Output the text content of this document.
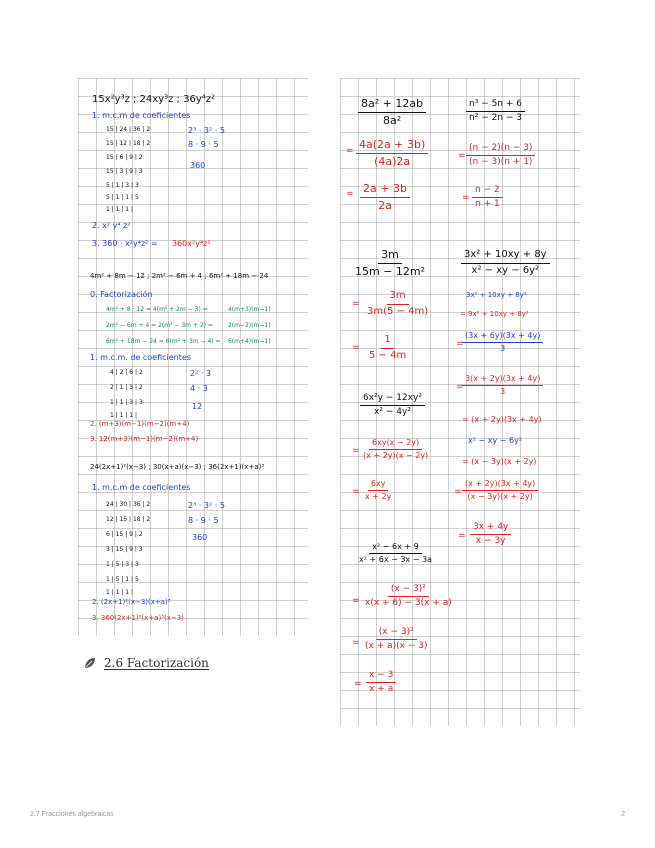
15x²y³z ; 24xy³z ; 36y⁴z²
1. m.c.m de coeficientes
15 | 24 | 36 | 2
15 | 12 | 18 | 2
15 | 6 | 9 | 2
15 | 3 | 9 | 3
5 | 1 | 3 | 3
5 | 1 | 1 | 5
1 | 1 | 1 |
2³ · 3² · 5
8 · 9 · 5
360
2. x² y⁴ z²
3. 360 · x²y⁴z² = 360x²y⁴z²
4m² + 8m − 12 ; 2m² − 6m + 4 ; 6m² + 18m − 24
0. Factorización
4m² + 8 · 12 = 4(m² + 2m − 3) =	4(m+3)(m−1)
2m² − 6m + 4 = 2(m² − 3m + 2) =	2(m−2)(m−1)
6m² + 18m − 24 = 6(m² + 3m − 4) = 6(m+4)(m−1)
1. m.c.m. de coeficientes
4 | 2 | 6 | 2
2 | 1 | 3 | 2
1 | 1 | 3 | 3
1 | 1 | 1 |
2² · 3
4 · 3
12
2. (m+3)(m−1)(m−2)(m+4)
3. 12(m+3)(m−1)(m−2)(m+4)
24(2x+1)²(x−3) ; 30(x+a)(x−3) ; 36(2x+1)(x+a)³
1. m.c.m de coeficientes
24 | 30 | 36 | 2
12 | 15 | 18 | 2
6 | 15 | 9 | 2
3 | 15 | 9 | 3
1 | 5 | 3 | 3
1 | 5 | 1 | 5
1 | 1 | 1 |
2³ · 3² · 5
8 · 9 · 5
360
2. (2x+1)²(x−3)(x+a)³
3. 360(2x+1)²(x+a)³(x−3)
$\frac{\text{8a² + 12ab}}{\text{8a²}}$
= $\frac{4a(2a + 3b)}{(4a)2a}$
= $\frac{2a + 3b}{2a}$
$\frac{\text{n³ − 5n + 6}}{\text{n² − 2n − 3}}$
= $\frac{(n - 2)(n - 3)}{(n - 3)(n + 1)}$
= $\frac{n - 2}{n + 1}$
$\frac{3m}{\text{15m − 12m²}}$
= $\frac{3m}{3m(5 - 4m)}$
= $\frac{1}{5 - 4m}$
$\frac{\text{3x² + 10xy + 8y}}{\text{x² − xy − 6y²}}$
3x² + 10xy + 8y²
= 9x² + 10xy + 8y²
=
$\frac{(3x + 6y)(3x + 4y)}{3}$
=
$\frac{3(x + 2y)(3x + 4y)}{3}$
= (x + 2y)(3x + 4y)
x² − xy − 6y²
= (x − 3y)(x + 2y)
= $\frac{(x + 2y)(3x + 4y)}{(x - 3y)(x + 2y)}$
= $\frac{3x + 4y}{x - 3y}$
$\frac{\text{6x²y − 12xy²}}{\text{x² − 4y²}}$
= $\frac{6xy(x - 2y)}{(x + 2y)(x - 2y)}$
= $\frac{6xy}{x + 2y}$
$\frac{\text{x² − 6x + 9}}{\text{x² + 6x − 3x − 3a}}$
= $\frac{\text{(x − 3)²}}{x(x + 6) - 3(x + a)}$
= $\frac{\text{(x − 3)²}}{(x + a)(x - 3)}$
= $\frac{x - 3}{x + a}$
2.6 Factorización
2.7 Fracciones algebraicas	2
